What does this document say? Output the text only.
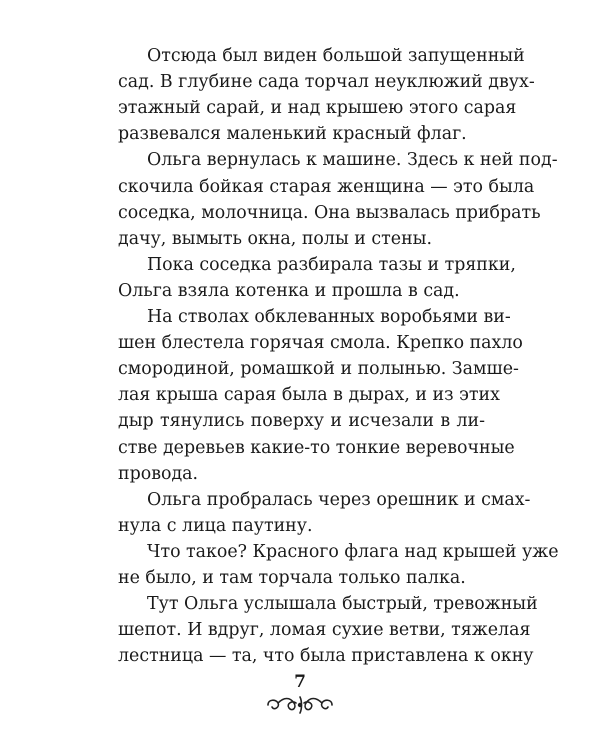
Отсюда был виден большой запущенный
сад. В глубине сада торчал неуклюжий двух-
этажный сарай, и над крышею этого сарая
развевался маленький красный флаг.
Ольга вернулась к машине. Здесь к ней под-
скочила бойкая старая женщина — это была
соседка, молочница. Она вызвалась прибрать
дачу, вымыть окна, полы и стены.
Пока соседка разбирала тазы и тряпки,
Ольга взяла котенка и прошла в сад.
На стволах обклеванных воробьями ви-
шен блестела горячая смола. Крепко пахло
смородиной, ромашкой и полынью. Замше-
лая крыша сарая была в дырах, и из этих
дыр тянулись поверху и исчезали в ли-
стве деревьев какие-то тонкие веревочные
провода.
Ольга пробралась через орешник и смах-
нула с лица паутину.
Что такое? Красного флага над крышей уже
не было, и там торчала только палка.
Тут Ольга услышала быстрый, тревожный
шепот. И вдруг, ломая сухие ветви, тяжелая
лестница — та, что была приставлена к окну
7
